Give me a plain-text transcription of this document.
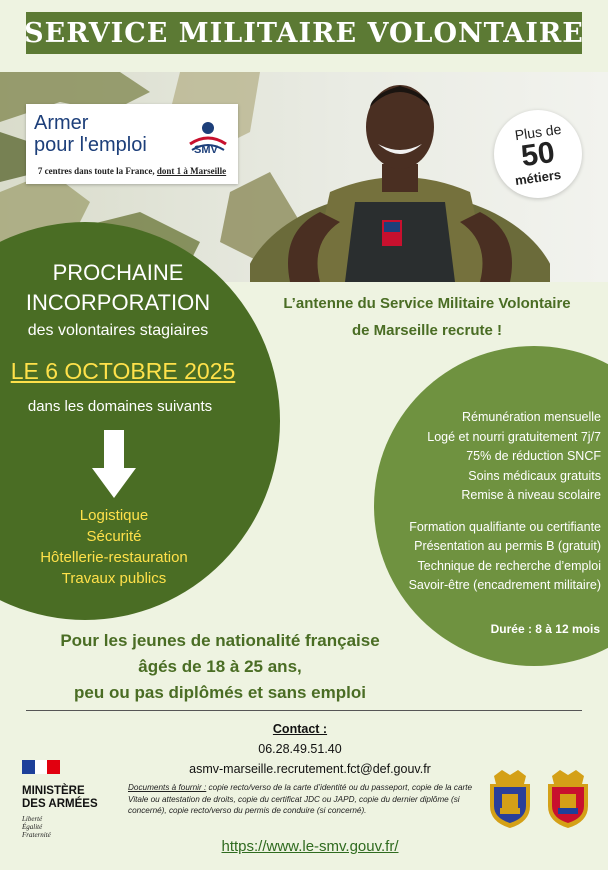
SERVICE MILITAIRE VOLONTAIRE
Armer
pour l'emploi	SMV
7 centres dans toute la France, dont 1 à Marseille
Plus de
50
métiers
PROCHAINE
INCORPORATION
des volontaires stagiaires
LE 6 OCTOBRE 2025
dans les domaines suivants
Logistique
Sécurité
Hôtellerie-restauration
Travaux publics
L’antenne du Service Militaire Volontaire
de Marseille recrute !
Rémunération mensuelle
Logé et nourri gratuitement 7j/7
75% de réduction SNCF
Soins médicaux gratuits
Remise à niveau scolaire
Formation qualifiante ou certifiante
Présentation au permis B (gratuit)
Technique de recherche d’emploi
Savoir-être (encadrement militaire)
Durée : 8 à 12 mois
Pour les jeunes de nationalité française
âgés de 18 à 25 ans,
peu ou pas diplômés et sans emploi
Contact :
06.28.49.51.40
asmv-marseille.recrutement.fct@def.gouv.fr
Documents à fournir : copie recto/verso de la carte d’identité ou du passeport, copie de la carte Vitale ou attestation de droits, copie du certificat JDC ou JAPD, copie du dernier diplôme (si concerné), copie recto/verso du permis de conduire (si concerné).
https://www.le-smv.gouv.fr/
MINISTÈRE
DES ARMÉES
Liberté
Égalité
Fraternité
